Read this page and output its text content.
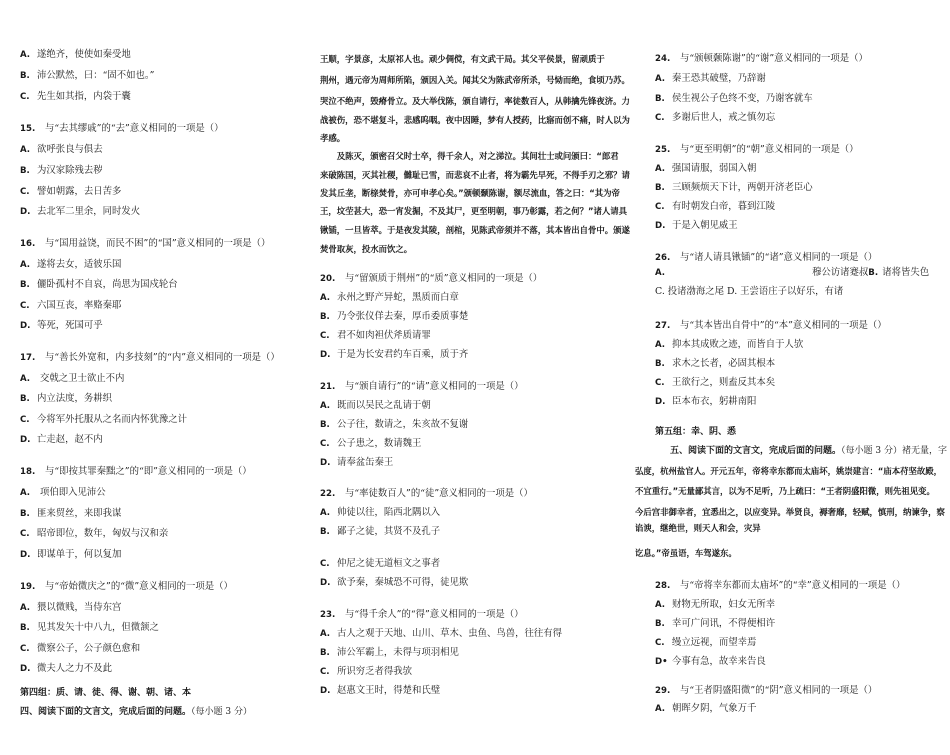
A. 遂绝齐，使使如秦受地
B. 沛公默然，曰：“固不如也。”
C. 先生如其指，内袋于囊
15. 与“去其缪戚”的“去”意义相同的一项是（）
A. 欲呼张良与俱去
B. 为汉家除残去秽
C. 譬如朝露，去日苦多
D. 去北军二里余，同时发火
16. 与“国用益饶，而民不困”的“国”意义相同的一项是（）
A. 遂将去女，适彼乐国
B. 儷卧孤村不自哀，尚思为国戍轮台
C. 六国互丧，率赂秦耶
D. 等死，死国可乎
17. 与“善长外宽和，内多技刻”的“内”意义相同的一项是（）
A. 交戟之卫士欲止不内
B. 内立法度，务耕织
C. 今将军外托服从之名而内怀犹豫之计
D. 亡走赵，赵不内
18. 与“即按其罪秦黜之”的“即”意义相同的一项是（）
A. 项伯即入见沛公
B. 匪来贸丝，来即我谋
C. 昭帝即位，数年，匈奴与汉和亲
D. 即谋单于，何以复加
19. 与“帝始微庆之”的“微”意义相同的一项是（）
A. 猥以微贱，当侍东宫
B. 见其发矢十中八九，但微颔之
C. 微察公子，公子颜色愈和
D. 微夫人之力不及此
第四组：质、请、徒、得、谢、朝、诸、本
四、阅读下面的文言文，完成后面的问题。（每小题 3 分）
王顺，字景彦，太原祁人也。顽少倜傥，有文武干局。其父平侯景，留顽质于
荆州，遇元帝为周师所陷，颁因入关。闻其父为陈武帝所杀，号恸而绝，食顷乃苏。
哭泣不绝声，毁瘠骨立。及大举伐陈，颁自请行，率徒数百人，从韩擒先锋夜济。力
战被伤，恐不堪复斗，悲感呜咽。夜中因睡，梦有人授药，比寤而创不痛，时人以为
孝感。
　　及陈灭，颁密召父时士卒，得千余人，对之涕泣。其间壮士或问颁曰：“郎君
来破陈国，灭其社稷，雠耻已雪，而悲哀不止者，将为霸先早死，不得手刃之邪？请
发其丘垄，断榇焚骨，亦可申孝心矣。”颁顿颡陈谢，额尽流血，答之曰：“其为帝
王，坟茔甚大，恐一宵发掘，不及其尸，更至明朝，事乃彰露，若之何？”诸人请具
锹锸，一旦皆萃。于是夜发其陵，剖棺，见陈武帝须并不落，其本皆出自骨中。颁遂
焚骨取灰，投水而饮之。
20. 与“留颁质于荆州”的“质”意义相同的一项是（）
A. 永州之野产异蛇，黑质而白章
B. 乃令张仪佯去秦，厚币委质事楚
C. 君不如肉袒伏斧质请罪
D. 于是为长安君约车百乘，质于齐
21. 与“颁自请行”的“请”意义相同的一项是（）
A. 既而以吴民之乱请于朝
B. 公子往，数请之，朱亥故不复谢
C. 公子患之，数请魏王
D. 请奉盆缶秦王
22. 与“率徒数百人”的“徒”意义相同的一项是（）
A. 帅徒以往，陷西北隅以入
B. 鄙子之徒，其贤不及孔子
C. 仲尼之徒无道桓文之事者
D. 欲予秦，秦城恐不可得，徒见欺
23. 与“得千余人”的“得”意义相同的一项是（）
A. 古人之观于天地、山川、草木、虫鱼、鸟兽，往往有得
B. 沛公军霸上，未得与项羽相见
C. 所识穷乏者得我欤
D. 赵惠文王时，得楚和氏璧
24. 与“颁顿颡陈谢”的“谢”意义相同的一项是（）
A. 秦王恐其破璧，乃辞谢
B. 侯生视公子色终不变，乃谢客就车
C. 多谢后世人，戒之慎勿忘
25. 与“更至明朝”的“朝”意义相同的一项是（）
A. 强国请服，弱国入朝
B. 三顾频烦天下计，两朝开济老臣心
C. 有时朝发白帝，暮到江陵
D. 于是入朝见威王
26. 与“诸人请具锹锸”的“诸”意义相同的一项是（）
A.	穆公访诸蹇叔B. 诸将皆失色
C. 投诸渤海之尾 D. 王尝语庄子以好乐，有诸
27. 与“其本皆出自骨中”的“本”意义相同的一项是（）
A. 抑本其成败之迹，而皆自于人欤
B. 求木之长者，必固其根本
C. 王欲行之，则盍反其本矣
D. 臣本布衣，躬耕南阳
第五组：幸、阴、悉
五、阅读下面的文言文，完成后面的问题。（每小题 3 分）褚无量，字
弘度，杭州盐官人。开元五年，帝将幸东都而太庙坏，姚崇建言：“庙本苻坚故殿，
不宜重行。”无量鄙其言，以为不足听，乃上疏曰：“王者阴盛阳微，则先祖见变。
今后宫非御幸者，宜悉出之，以应变异。举贤良，褥奢靡，轻赋，慎刑，纳谏争，察
谄谀，继绝世，则天人和会，灾异
讫息。”帝虽语，车驾遂东。
28. 与“帝将幸东都而太庙坏”的“幸”意义相同的一项是（）
A. 财物无所取，妇女无所幸
B. 幸可广问讯，不得便相许
C. 缦立远视，而望幸焉
D• 今事有急，故幸来告良
29. 与“王者阴盛阳微”的“阴”意义相同的一项是（）
A. 朝晖夕阴，气象万千
